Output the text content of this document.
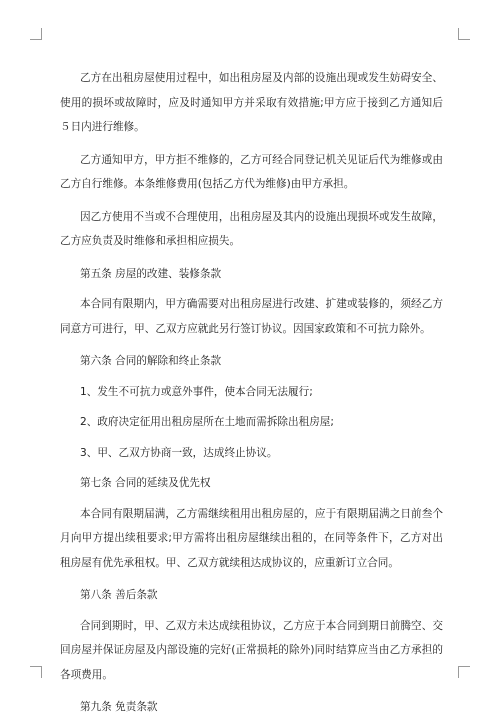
乙方在出租房屋使用过程中，如出租房屋及内部的设施出现或发生妨碍安全、使用的损坏或故障时，应及时通知甲方并采取有效措施;甲方应于接到乙方通知后５日内进行维修。

乙方通知甲方，甲方拒不维修的，乙方可经合同登记机关见证后代为维修或由乙方自行维修。本条维修费用(包括乙方代为维修)由甲方承担。

因乙方使用不当或不合理使用，出租房屋及其内的设施出现损坏或发生故障，乙方应负责及时维修和承担相应损失。

第五条 房屋的改建、装修条款

本合同有限期内，甲方确需要对出租房屋进行改建、扩建或装修的，须经乙方同意方可进行，甲、乙双方应就此另行签订协议。因国家政策和不可抗力除外。

第六条 合同的解除和终止条款

1、发生不可抗力或意外事件，使本合同无法履行;

2、政府决定征用出租房屋所在土地而需拆除出租房屋;

3、甲、乙双方协商一致，达成终止协议。

第七条 合同的延续及优先权

本合同有限期届满，乙方需继续租用出租房屋的，应于有限期届满之日前叁个月向甲方提出续租要求;甲方需将出租房屋继续出租的，在同等条件下，乙方对出租房屋有优先承租权。甲、乙双方就续租达成协议的，应重新订立合同。

第八条 善后条款

合同到期时，甲、乙双方未达成续租协议，乙方应于本合同到期日前腾空、交回房屋并保证房屋及内部设施的完好(正常损耗的除外)同时结算应当由乙方承担的各项费用。

第九条 免责条款
